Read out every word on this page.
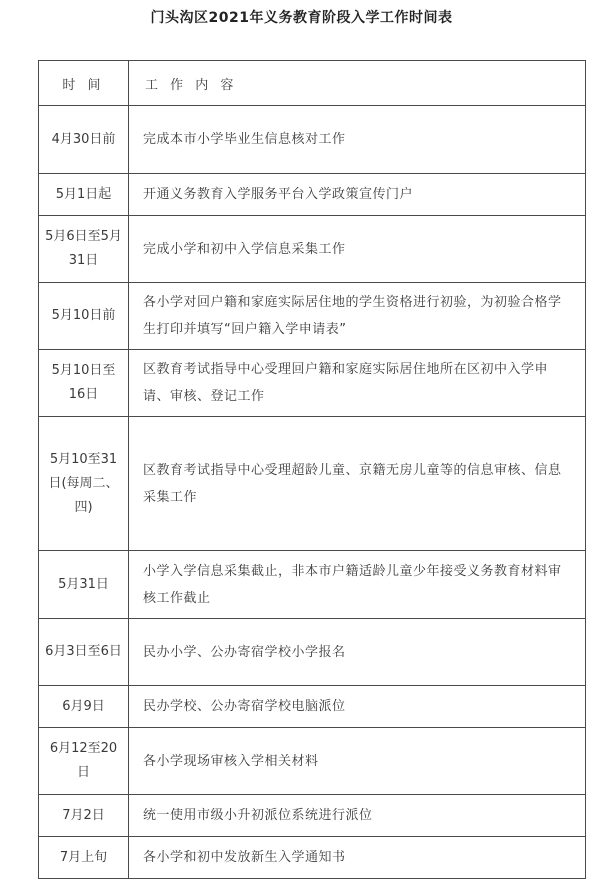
门头沟区2021年义务教育阶段入学工作时间表
时 间	工 作 内 容
4月30日前	完成本市小学毕业生信息核对工作
5月1日起	开通义务教育入学服务平台入学政策宣传门户
5月6日至5月31日	完成小学和初中入学信息采集工作
5月10日前	各小学对回户籍和家庭实际居住地的学生资格进行初验，为初验合格学生打印并填写“回户籍入学申请表”
5月10日至16日	区教育考试指导中心受理回户籍和家庭实际居住地所在区初中入学申请、审核、登记工作
5月10至31日(每周二、四)	区教育考试指导中心受理超龄儿童、京籍无房儿童等的信息审核、信息采集工作
5月31日	小学入学信息采集截止，非本市户籍适龄儿童少年接受义务教育材料审核工作截止
6月3日至6日	民办小学、公办寄宿学校小学报名
6月9日	民办学校、公办寄宿学校电脑派位
6月12至20日	各小学现场审核入学相关材料
7月2日	统一使用市级小升初派位系统进行派位
7月上旬	各小学和初中发放新生入学通知书
